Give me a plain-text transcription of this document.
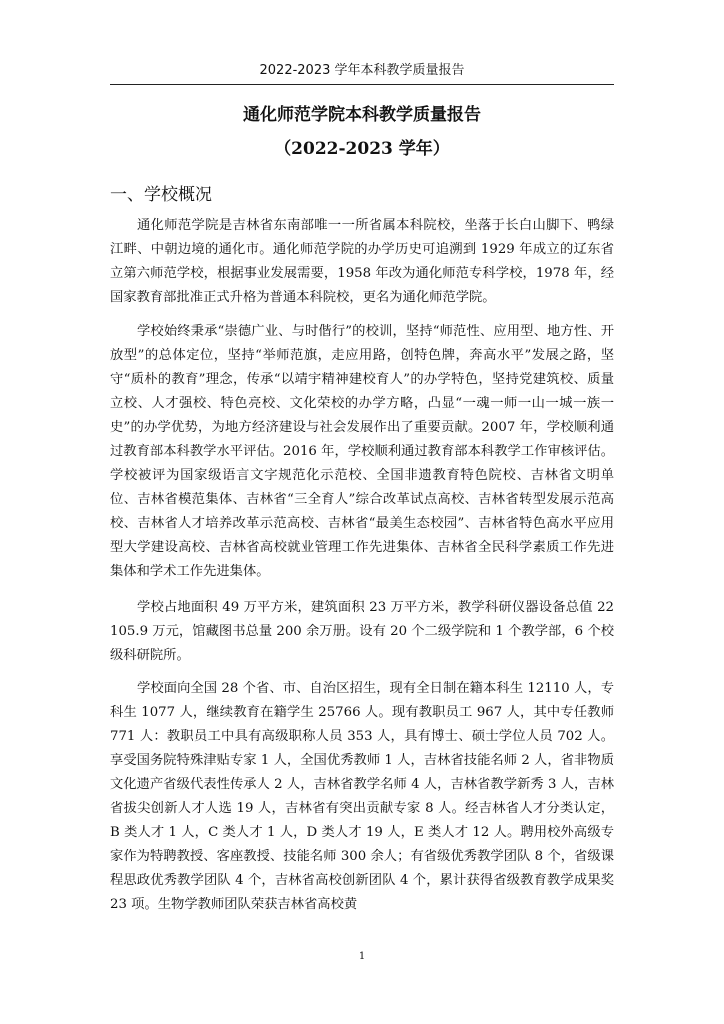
2022-2023 学年本科教学质量报告
通化师范学院本科教学质量报告
（2022-2023 学年）
一、学校概况

通化师范学院是吉林省东南部唯一一所省属本科院校，坐落于长白山脚下、鸭绿江畔、中朝边境的通化市。通化师范学院的办学历史可追溯到 1929 年成立的辽东省立第六师范学校，根据事业发展需要，1958 年改为通化师范专科学校，1978 年，经国家教育部批准正式升格为普通本科院校，更名为通化师范学院。

学校始终秉承“崇德广业、与时偕行”的校训，坚持“师范性、应用型、地方性、开放型”的总体定位，坚持“举师范旗，走应用路，创特色牌，奔高水平”发展之路，坚守“质朴的教育”理念，传承“以靖宇精神建校育人”的办学特色，坚持党建筑校、质量立校、人才强校、特色亮校、文化荣校的办学方略，凸显“一魂一师一山一城一族一史”的办学优势，为地方经济建设与社会发展作出了重要贡献。2007 年，学校顺利通过教育部本科教学水平评估。2016 年，学校顺利通过教育部本科教学工作审核评估。学校被评为国家级语言文字规范化示范校、全国非遗教育特色院校、吉林省文明单位、吉林省模范集体、吉林省“三全育人”综合改革试点高校、吉林省转型发展示范高校、吉林省人才培养改革示范高校、吉林省“最美生态校园”、吉林省特色高水平应用型大学建设高校、吉林省高校就业管理工作先进集体、吉林省全民科学素质工作先进集体和学术工作先进集体。

学校占地面积 49 万平方米，建筑面积 23 万平方米，教学科研仪器设备总值 22105.9 万元，馆藏图书总量 200 余万册。设有 20 个二级学院和 1 个教学部，6 个校级科研院所。

学校面向全国 28 个省、市、自治区招生，现有全日制在籍本科生 12110 人，专科生 1077 人，继续教育在籍学生 25766 人。现有教职员工 967 人，其中专任教师 771 人：教职员工中具有高级职称人员 353 人，具有博士、硕士学位人员 702 人。享受国务院特殊津贴专家 1 人，全国优秀教师 1 人，吉林省技能名师 2 人，省非物质文化遗产省级代表性传承人 2 人，吉林省教学名师 4 人，吉林省教学新秀 3 人，吉林省拔尖创新人才人选 19 人，吉林省有突出贡献专家 8 人。经吉林省人才分类认定，B 类人才 1 人，C 类人才 1 人，D 类人才 19 人，E 类人才 12 人。聘用校外高级专家作为特聘教授、客座教授、技能名师 300 余人；有省级优秀教学团队 8 个，省级课程思政优秀教学团队 4 个，吉林省高校创新团队 4 个，累计获得省级教育教学成果奖 23 项。生物学教师团队荣获吉林省高校黄

1
